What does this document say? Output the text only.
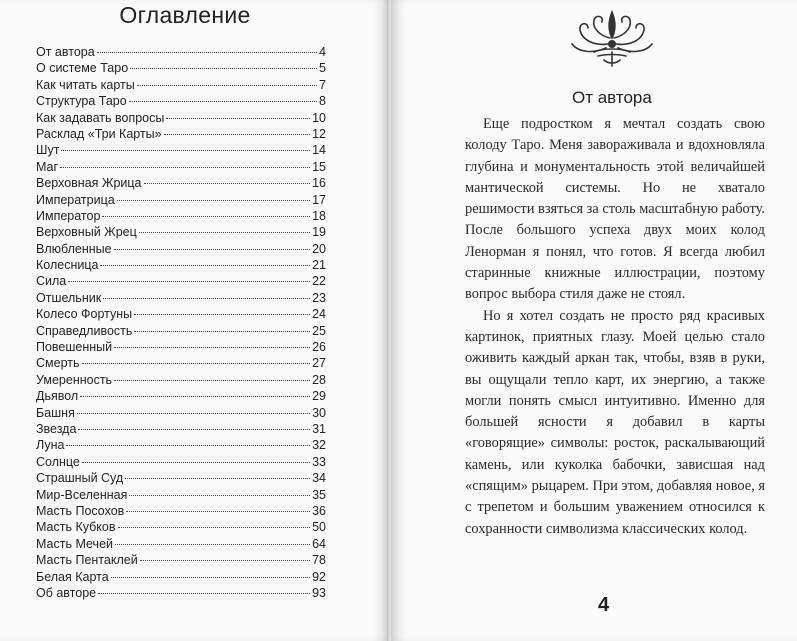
Оглавление
От автора	4
О системе Таро	5
Как читать карты	7
Структура Таро	8
Как задавать вопросы	10
Расклад «Три Карты»	12
Шут	14
Маг	15
Верховная Жрица	16
Императрица	17
Император	18
Верховный Жрец	19
Влюбленные	20
Колесница	21
Сила	22
Отшельник	23
Колесо Фортуны	24
Справедливость	25
Повешенный	26
Смерть	27
Умеренность	28
Дьявол	29
Башня	30
Звезда	31
Луна	32
Солнце	33
Страшный Суд	34
Мир-Вселенная	35
Масть Посохов	36
Масть Кубков	50
Масть Мечей	64
Масть Пентаклей	78
Белая Карта	92
Об авторе	93
От автора

Еще подростком я мечтал создать свою колоду Таро. Меня завораживала и вдохновляла глубина и монументальность этой величайшей мантической системы. Но не хватало решимости взяться за столь масштабную работу. После большого успеха двух моих колод Ленорман я понял, что готов. Я всегда любил старинные книжные иллюстрации, поэтому вопрос выбора стиля даже не стоял.

Но я хотел создать не просто ряд красивых картинок, приятных глазу. Моей целью стало оживить каждый аркан так, чтобы, взяв в руки, вы ощущали тепло карт, их энергию, а также могли понять смысл интуитивно. Именно для большей ясности я добавил в карты «говорящие» символы: росток, раскалывающий камень, или куколка бабочки, зависшая над «спящим» рыцарем. При этом, добавляя новое, я с трепетом и большим уважением относился к сохранности символизма классических колод.

4
